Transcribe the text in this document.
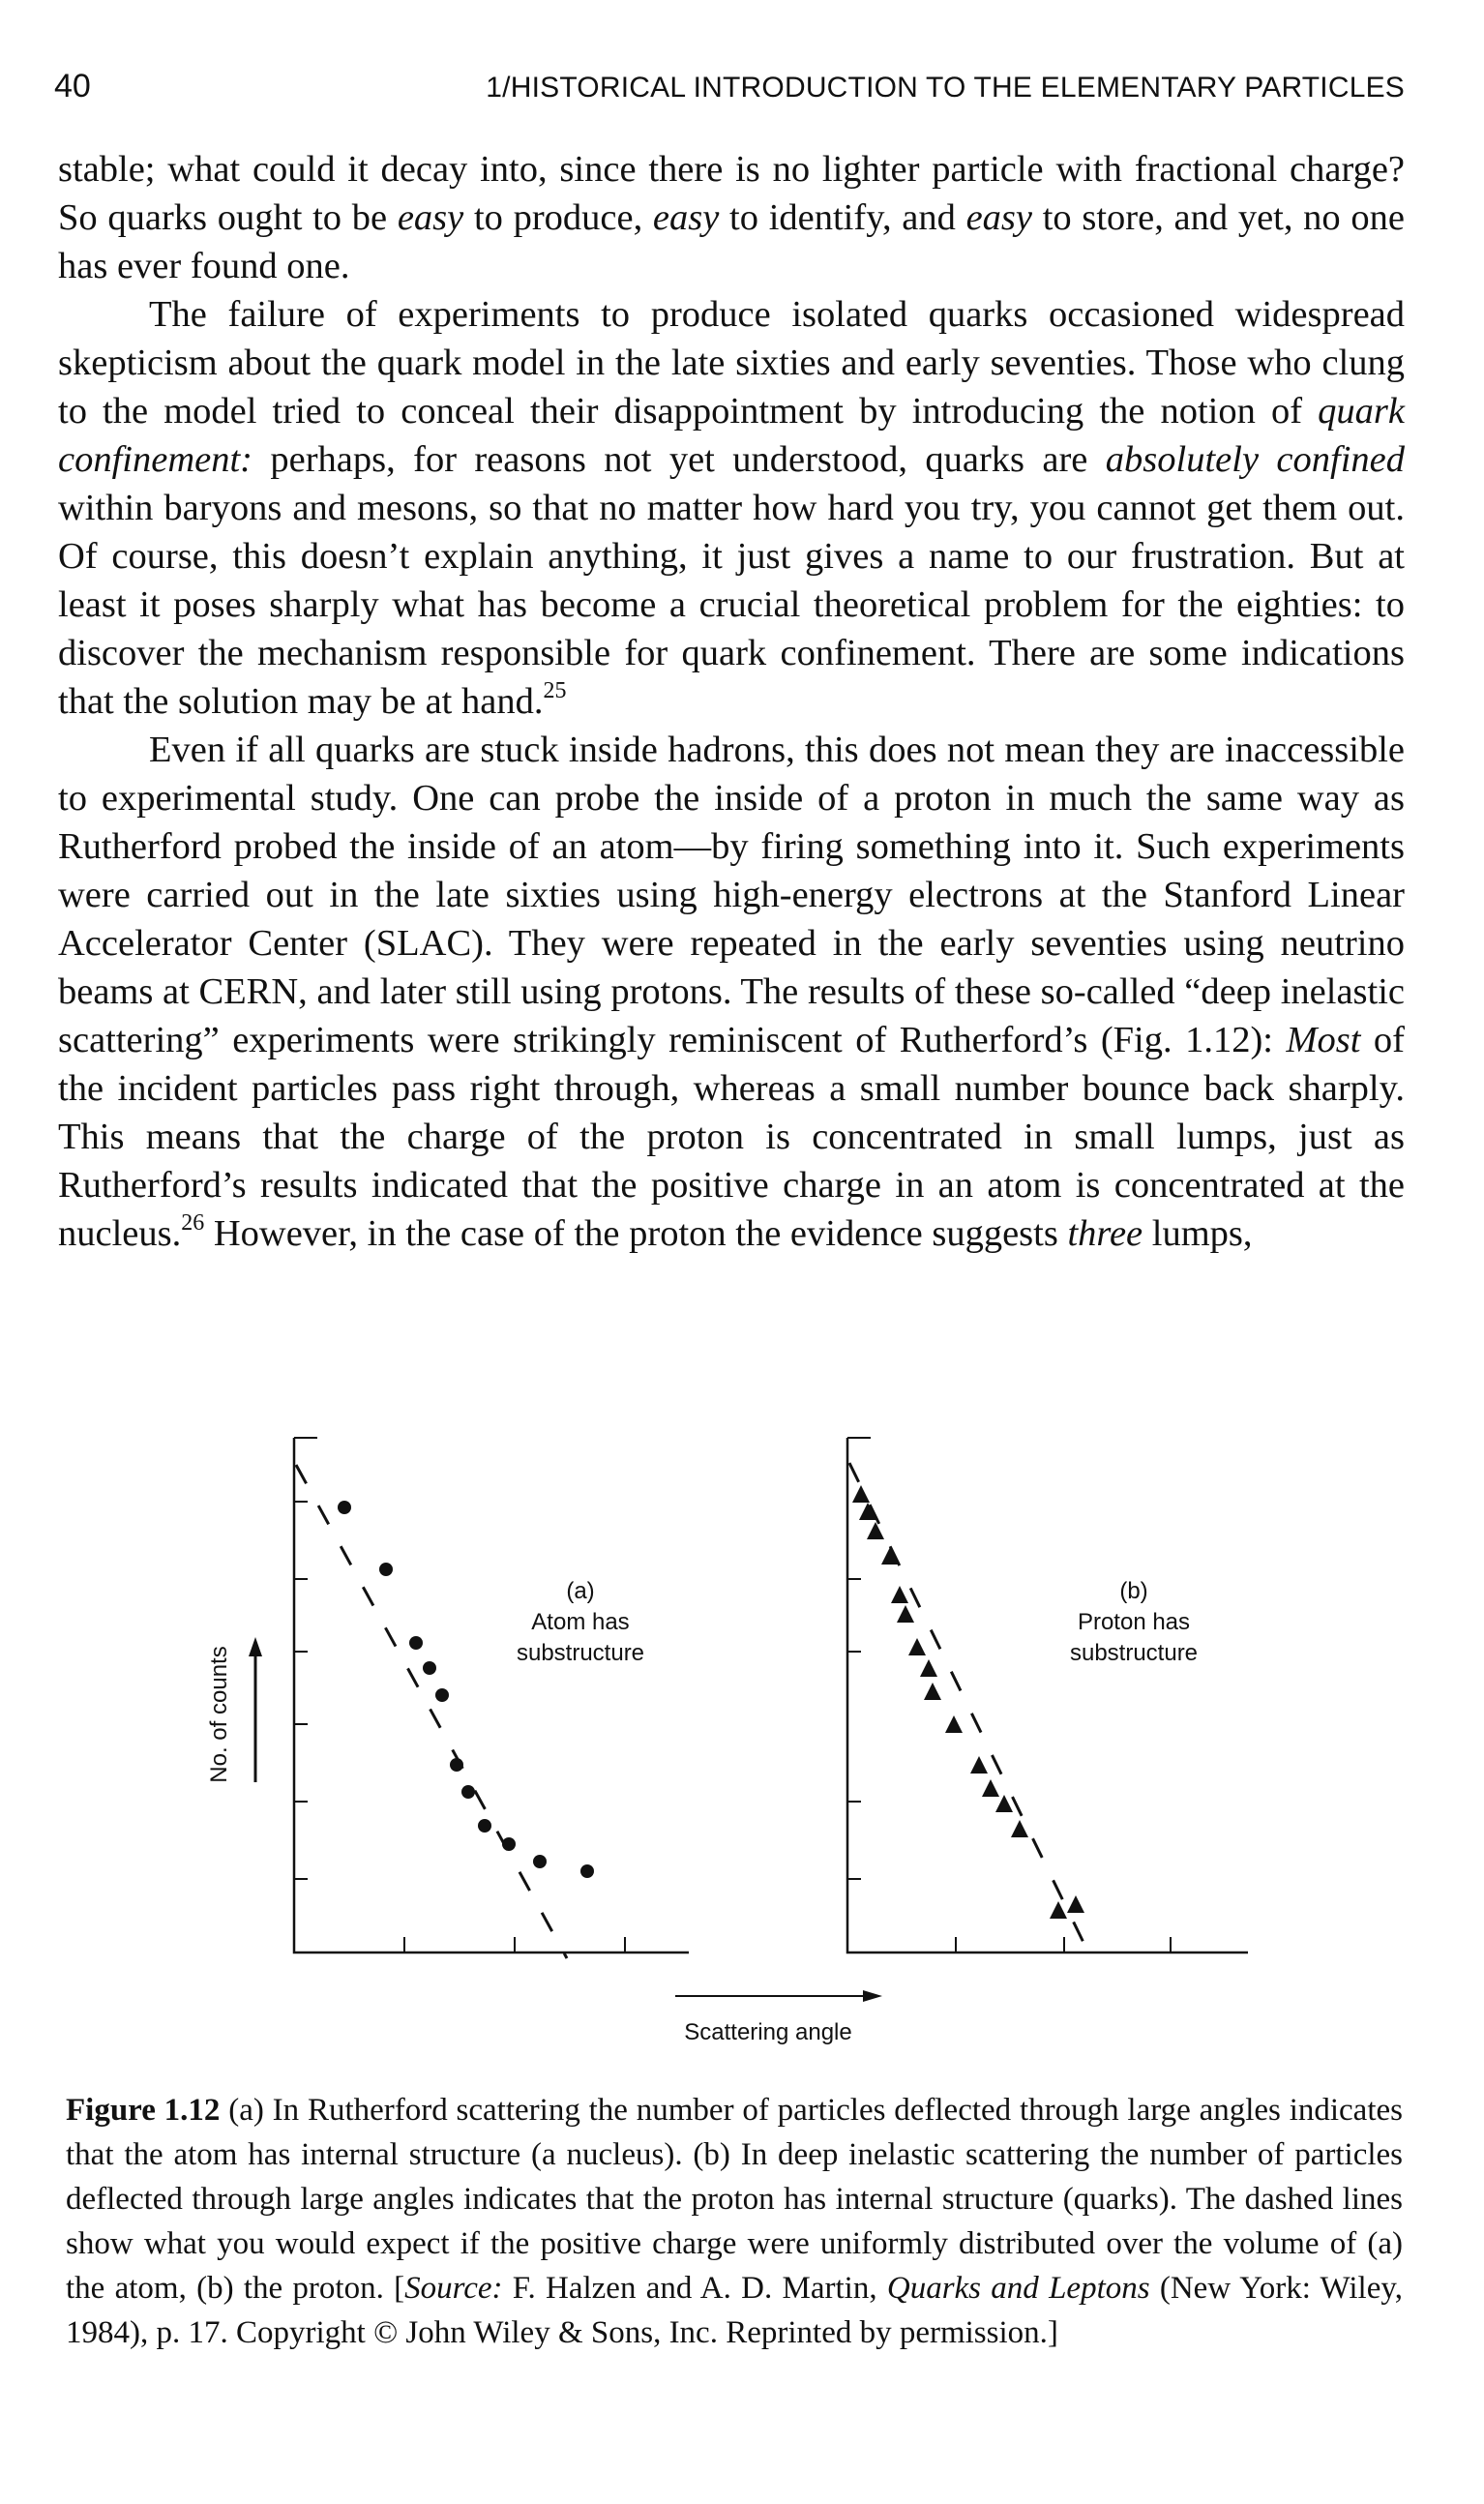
40	1/HISTORICAL INTRODUCTION TO THE ELEMENTARY PARTICLES

stable; what could it decay into, since there is no lighter particle with fractional charge? So quarks ought to be easy to produce, easy to identify, and easy to store, and yet, no one has ever found one.

The failure of experiments to produce isolated quarks occasioned widespread skepticism about the quark model in the late sixties and early seventies. Those who clung to the model tried to conceal their disappointment by introducing the notion of quark confinement: perhaps, for reasons not yet understood, quarks are absolutely confined within baryons and mesons, so that no matter how hard you try, you cannot get them out. Of course, this doesn’t explain anything, it just gives a name to our frustration. But at least it poses sharply what has become a crucial theoretical problem for the eighties: to discover the mechanism responsible for quark confinement. There are some indications that the solution may be at hand.$^{25}$

Even if all quarks are stuck inside hadrons, this does not mean they are inaccessible to experimental study. One can probe the inside of a proton in much the same way as Rutherford probed the inside of an atom—by firing something into it. Such experiments were carried out in the late sixties using high-energy electrons at the Stanford Linear Accelerator Center (SLAC). They were repeated in the early seventies using neutrino beams at CERN, and later still using protons. The results of these so-called “deep inelastic scattering” experiments were strikingly reminiscent of Rutherford’s (Fig. 1.12): Most of the incident particles pass right through, whereas a small number bounce back sharply. This means that the charge of the proton is concentrated in small lumps, just as Rutherford’s results indicated that the positive charge in an atom is concentrated at the nucleus.$^{26}$ However, in the case of the proton the evidence suggests three lumps,

No. of counts
(a)
Atom has
substructure
(b)
Proton has
substructure
Scattering angle

Figure 1.12 (a) In Rutherford scattering the number of particles deflected through large angles indicates that the atom has internal structure (a nucleus). (b) In deep inelastic scattering the number of particles deflected through large angles indicates that the proton has internal structure (quarks). The dashed lines show what you would expect if the positive charge were uniformly distributed over the volume of (a) the atom, (b) the proton. [Source: F. Halzen and A. D. Martin, Quarks and Leptons (New York: Wiley, 1984), p. 17. Copyright © John Wiley & Sons, Inc. Reprinted by permission.]
